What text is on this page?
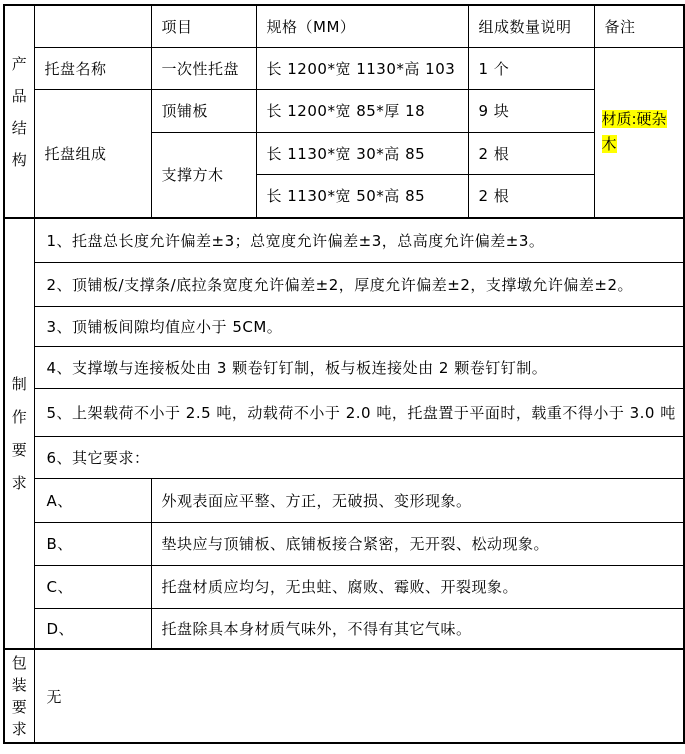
产品结构		项目	规格（MM）	组成数量说明	备注
	托盘名称	一次性托盘	长 1200*宽 1130*高 103	1 个	材质:硬杂木
	托盘组成	顶铺板	长 1200*宽 85*厚 18	9 块	
		支撑方木	长 1130*宽 30*高 85	2 根	
			长 1130*宽 50*高 85	2 根	

制作要求	1、托盘总长度允许偏差±3；总宽度允许偏差±3，总高度允许偏差±3。				
	2、顶铺板/支撑条/底拉条宽度允许偏差±2，厚度允许偏差±2，支撑墩允许偏差±2。				
	3、顶铺板间隙均值应小于 5CM。				
	4、支撑墩与连接板处由 3 颗卷钉钉制，板与板连接处由 2 颗卷钉钉制。				
	5、上架载荷不小于 2.5 吨，动载荷不小于 2.0 吨，托盘置于平面时，载重不得小于 3.0 吨				
	6、其它要求：				
	A、	外观表面应平整、方正，无破损、变形现象。			
	B、	垫块应与顶铺板、底铺板接合紧密，无开裂、松动现象。			
	C、	托盘材质应均匀，无虫蛀、腐败、霉败、开裂现象。			
	D、	托盘除具本身材质气味外，不得有其它气味。			

包装要求	无				
